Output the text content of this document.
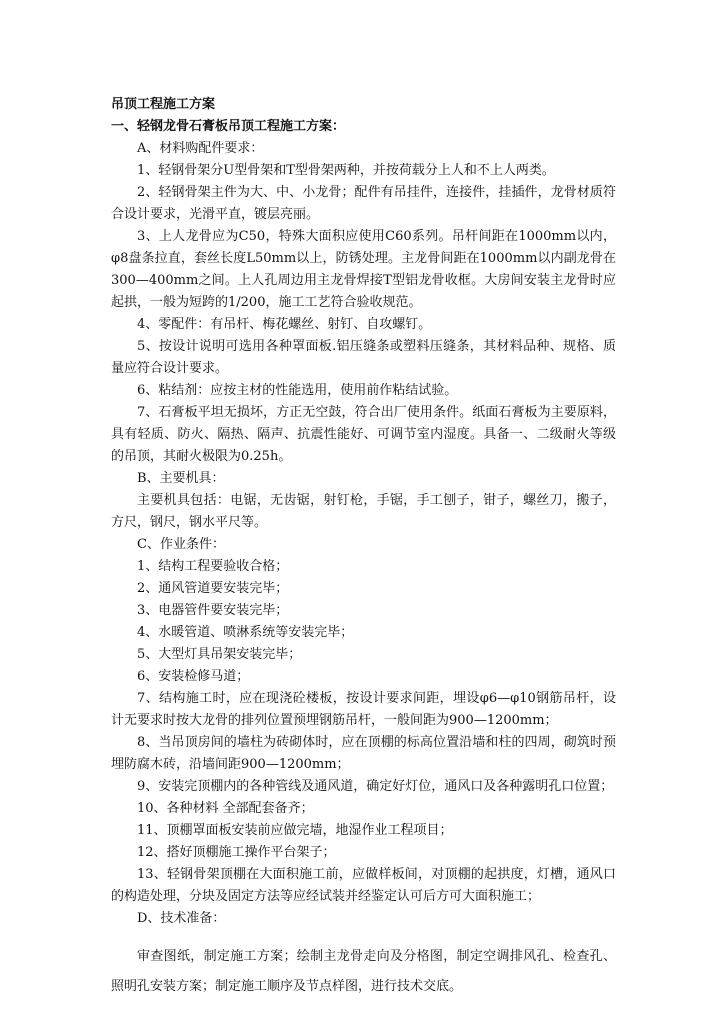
吊顶工程施工方案

一、轻钢龙骨石膏板吊顶工程施工方案：

A、材料购配件要求：

1、轻钢骨架分U型骨架和T型骨架两种，并按荷载分上人和不上人两类。

2、轻钢骨架主件为大、中、小龙骨；配件有吊挂件，连接件，挂插件，龙骨材质符合设计要求，光滑平直，镀层亮丽。

3、上人龙骨应为C50，特殊大面积应使用C60系列。吊杆间距在1000mm以内，φ8盘条拉直，套丝长度L50mm以上，防锈处理。主龙骨间距在1000mm以内副龙骨在300—400mm之间。上人孔周边用主龙骨焊接T型铝龙骨收框。大房间安装主龙骨时应起拱，一般为短跨的1/200，施工工艺符合验收规范。

4、零配件：有吊杆、梅花螺丝、射钉、自攻螺钉。

5、按设计说明可选用各种罩面板.铝压缝条或塑料压缝条，其材料品种、规格、质量应符合设计要求。

6、粘结剂：应按主材的性能选用，使用前作粘结试验。

7、石膏板平坦无损坏，方正无空鼓，符合出厂使用条件。纸面石膏板为主要原料，具有轻质、防火、隔热、隔声、抗震性能好、可调节室内湿度。具备一、二级耐火等级的吊顶，其耐火极限为0.25h。

B、主要机具：

主要机具包括：电锯，无齿锯，射钉枪，手锯，手工刨子，钳子，螺丝刀，搬子，方尺，钢尺，钢水平尺等。

C、作业条件：

1、结构工程要验收合格；

2、通风管道要安装完毕；

3、电器管件要安装完毕；

4、水暖管道、喷淋系统等安装完毕；

5、大型灯具吊架安装完毕；

6、安装检修马道；

7、结构施工时，应在现浇砼楼板，按设计要求间距，埋设φ6—φ10钢筋吊杆，设计无要求时按大龙骨的排列位置预埋钢筋吊杆，一般间距为900—1200mm；

8、当吊顶房间的墙柱为砖砌体时，应在顶棚的标高位置沿墙和柱的四周，砌筑时预埋防腐木砖，沿墙间距900—1200mm；

9、安装完顶棚内的各种管线及通风道，确定好灯位，通风口及各种露明孔口位置；

10、各种材料 全部配套备齐；

11、顶棚罩面板安装前应做完墙，地湿作业工程项目；

12、搭好顶棚施工操作平台架子；

13、轻钢骨架顶棚在大面积施工前，应做样板间，对顶棚的起拱度，灯槽，通风口的构造处理，分块及固定方法等应经试装并经鉴定认可后方可大面积施工；

D、技术准备：

审查图纸，制定施工方案；绘制主龙骨走向及分格图，制定空调排风孔、检查孔、照明孔安装方案；制定施工顺序及节点样图，进行技术交底。
